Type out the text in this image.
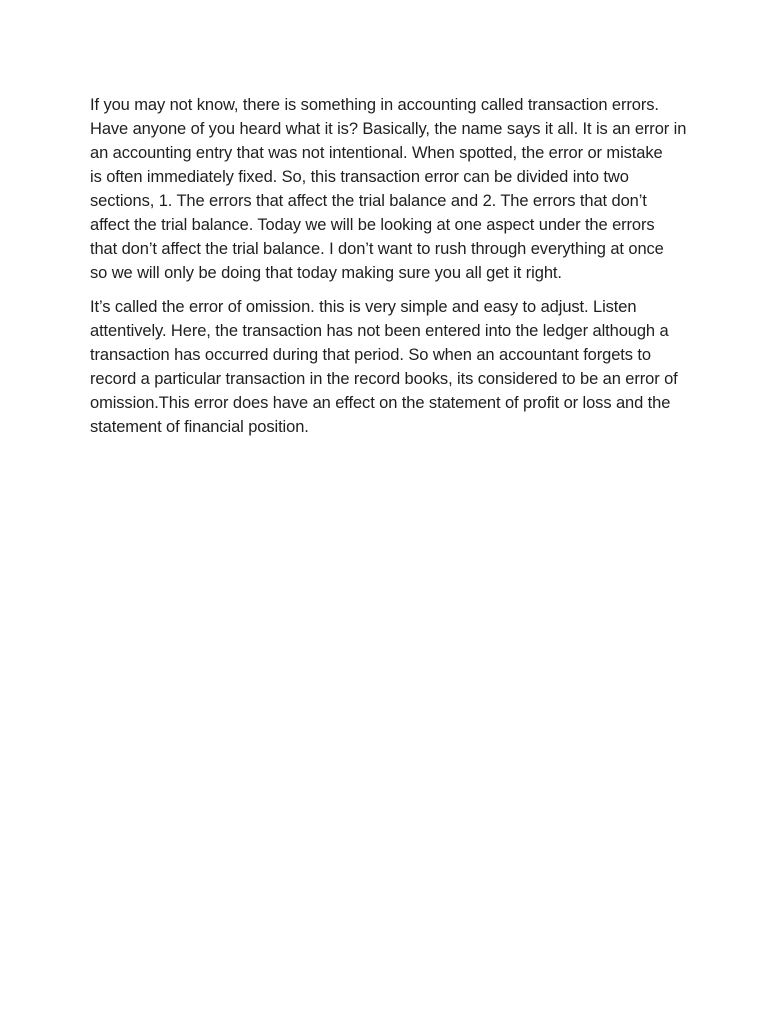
If you may not know, there is something in accounting called transaction errors.
Have anyone of you heard what it is? Basically, the name says it all. It is an error in
an accounting entry that was not intentional. When spotted, the error or mistake
is often immediately fixed. So, this transaction error can be divided into two
sections, 1. The errors that affect the trial balance and 2. The errors that don’t
affect the trial balance. Today we will be looking at one aspect under the errors
that don’t affect the trial balance. I don’t want to rush through everything at once
so we will only be doing that today making sure you all get it right.

It’s called the error of omission. this is very simple and easy to adjust. Listen
attentively. Here, the transaction has not been entered into the ledger although a
transaction has occurred during that period. So when an accountant forgets to
record a particular transaction in the record books, its considered to be an error of
omission.This error does have an effect on the statement of profit or loss and the
statement of financial position.
